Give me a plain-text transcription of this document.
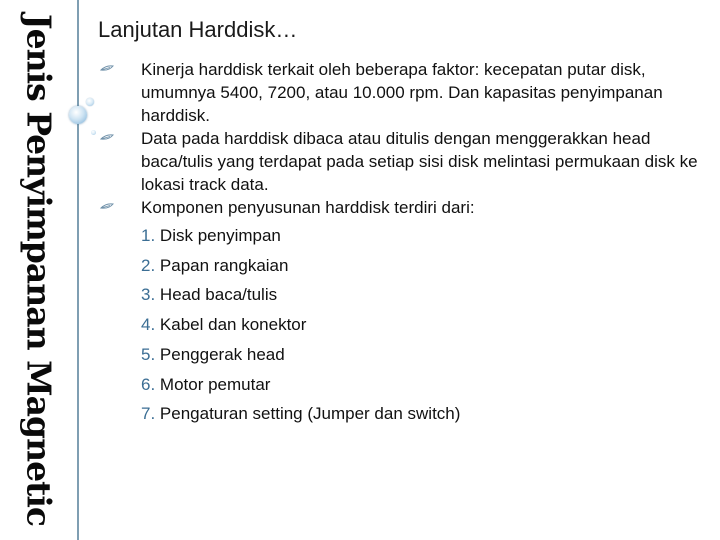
Jenis Penyimpanan Magnetic Lanjutan Harddisk…
Kinerja harddisk terkait oleh beberapa faktor: kecepatan putar disk, umumnya 5400, 7200, atau 10.000 rpm. Dan kapasitas penyimpanan harddisk.
Data pada harddisk dibaca atau ditulis dengan menggerakkan head baca/tulis yang terdapat pada setiap sisi disk melintasi permukaan disk ke lokasi track data.
Komponen penyusunan harddisk terdiri dari:
1. Disk penyimpan
2. Papan rangkaian
3. Head baca/tulis
4. Kabel dan konektor
5. Penggerak head
6. Motor pemutar
7. Pengaturan setting (Jumper dan switch)
